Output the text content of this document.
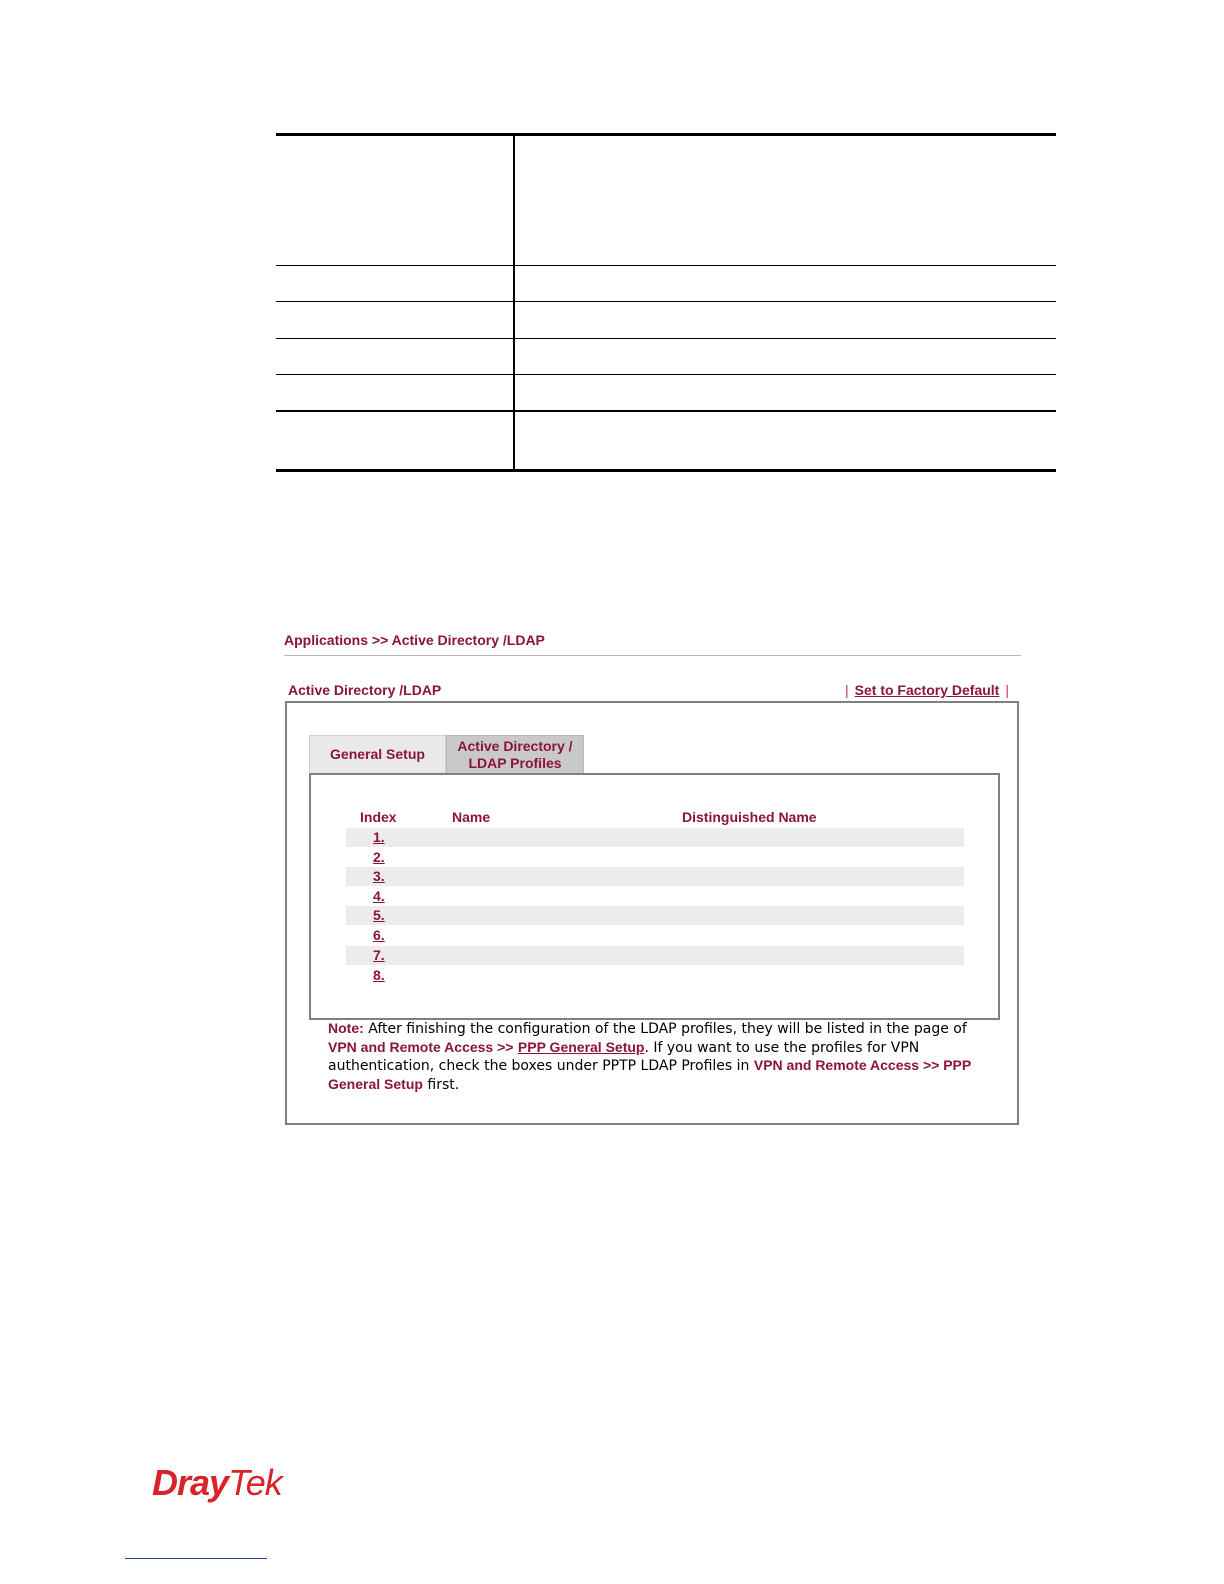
Applications >> Active Directory /LDAP
Active Directory /LDAP	| Set to Factory Default |
General Setup
Active Directory / LDAP Profiles
Index	Name	Distinguished Name
1.
2.
3.
4.
5.
6.
7.
8.
Note: After finishing the configuration of the LDAP profiles, they will be listed in the page of VPN and Remote Access >> PPP General Setup. If you want to use the profiles for VPN authentication, check the boxes under PPTP LDAP Profiles in VPN and Remote Access >> PPP General Setup first.
DrayTek
